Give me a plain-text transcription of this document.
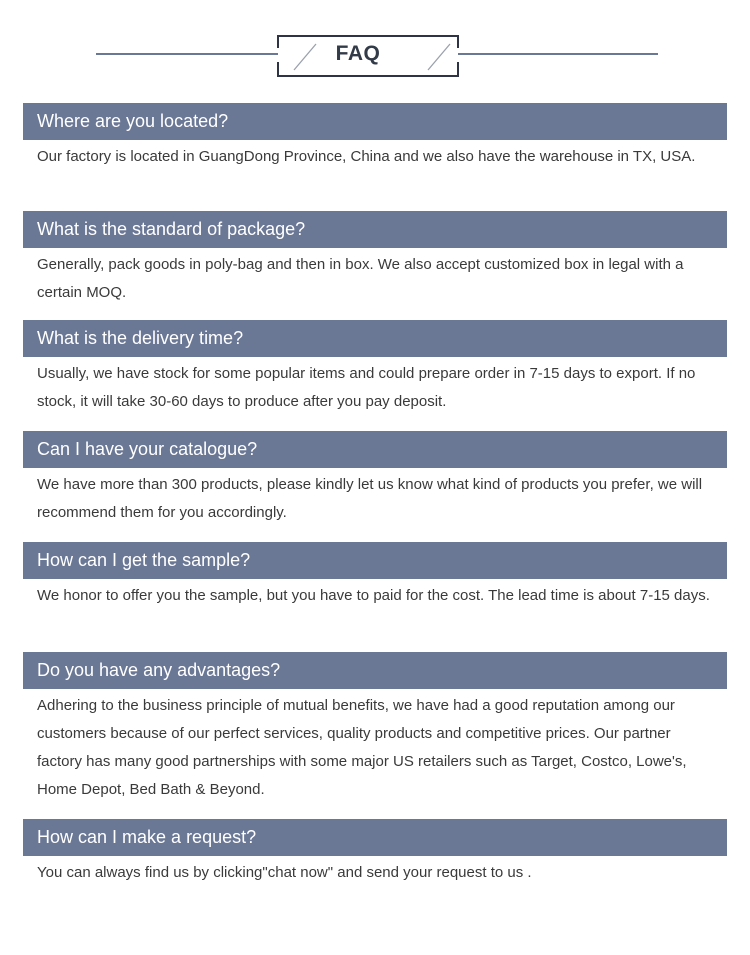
FAQ
Where are you located?
Our factory is located in GuangDong Province, China and we also have the warehouse in TX, USA.
What is the standard of package?
Generally, pack goods in poly-bag and then in box. We also accept customized box in legal with a certain MOQ.
What is the delivery time?
Usually, we have stock for some popular items and could prepare order in 7-15 days to export. If no stock, it will take 30-60 days to produce after you pay deposit.
Can I have your catalogue?
We have more than 300 products, please kindly let us know what kind of products you prefer, we will recommend them for you accordingly.
How can I get the sample?
We honor to offer you the sample, but you have to paid for the cost. The lead time is about 7-15 days.
Do you have any advantages?
Adhering to the business principle of mutual benefits, we have had a good reputation among our customers because of our perfect services, quality products and competitive prices. Our partner factory has many good partnerships with some major US retailers such as Target, Costco, Lowe's, Home Depot, Bed Bath & Beyond.
How can I make a request?
You can always find us by clicking"chat now" and send your request to us .
